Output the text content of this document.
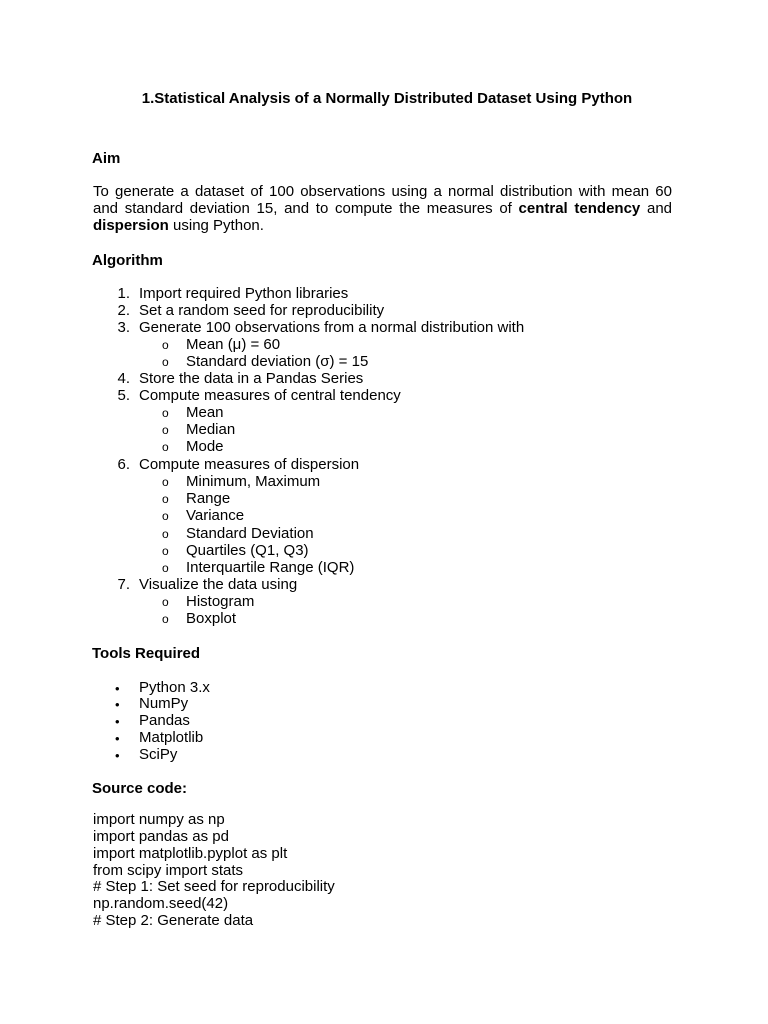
1.Statistical Analysis of a Normally Distributed Dataset Using Python
Aim
To generate a dataset of 100 observations using a normal distribution with mean 60 and standard deviation 15, and to compute the measures of central tendency and dispersion using Python.
Algorithm
1. Import required Python libraries
2. Set a random seed for reproducibility
3. Generate 100 observations from a normal distribution with
o Mean (μ) = 60
o Standard deviation (σ) = 15
4. Store the data in a Pandas Series
5. Compute measures of central tendency
o Mean
o Median
o Mode
6. Compute measures of dispersion
o Minimum, Maximum
o Range
o Variance
o Standard Deviation
o Quartiles (Q1, Q3)
o Interquartile Range (IQR)
7. Visualize the data using
o Histogram
o Boxplot
Tools Required
• Python 3.x
• NumPy
• Pandas
• Matplotlib
• SciPy
Source code:
import numpy as np
import pandas as pd
import matplotlib.pyplot as plt
from scipy import stats
# Step 1: Set seed for reproducibility
np.random.seed(42)
# Step 2: Generate data
